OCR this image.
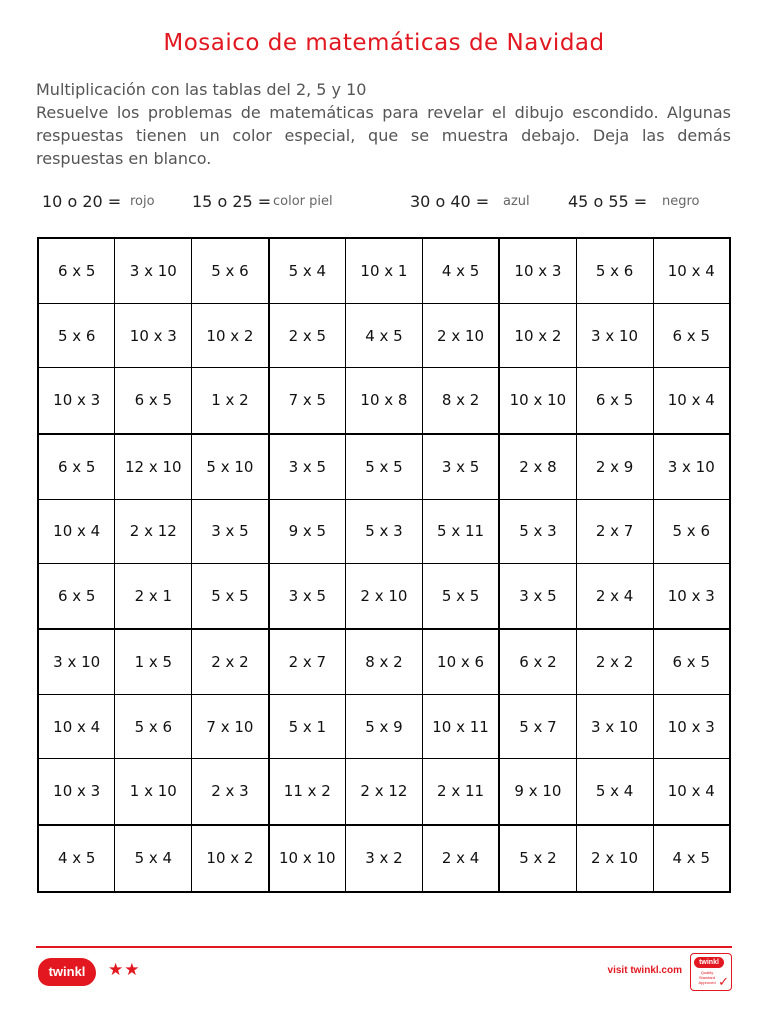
Mosaico de matemáticas de Navidad
Multiplicación con las tablas del 2, 5 y 10
Resuelve los problemas de matemáticas para revelar el dibujo escondido. Algunas respuestas tienen un color especial, que se muestra debajo. Deja las demás respuestas en blanco.
10 o 20 = rojo 15 o 25 = color piel	30 o 40 = azul 45 o 55 = negro
6 x 5	3 x 10	5 x 6	5 x 4	10 x 1	4 x 5	10 x 3	5 x 6	10 x 4
5 x 6	10 x 3	10 x 2	2 x 5	4 x 5	2 x 10	10 x 2	3 x 10	6 x 5
10 x 3	6 x 5	1 x 2	7 x 5	10 x 8	8 x 2	10 x 10	6 x 5	10 x 4
6 x 5	12 x 10	5 x 10	3 x 5	5 x 5	3 x 5	2 x 8	2 x 9	3 x 10
10 x 4	2 x 12	3 x 5	9 x 5	5 x 3	5 x 11	5 x 3	2 x 7	5 x 6
6 x 5	2 x 1	5 x 5	3 x 5	2 x 10	5 x 5	3 x 5	2 x 4	10 x 3
3 x 10	1 x 5	2 x 2	2 x 7	8 x 2	10 x 6	6 x 2	2 x 2	6 x 5
10 x 4	5 x 6	7 x 10	5 x 1	5 x 9	10 x 11	5 x 7	3 x 10	10 x 3
10 x 3	1 x 10	2 x 3	11 x 2	2 x 12	2 x 11	9 x 10	5 x 4	10 x 4
4 x 5	5 x 4	10 x 2	10 x 10	3 x 2	2 x 4	5 x 2	2 x 10	4 x 5
twinkl	★★	visit twinkl.com
twinkl
Quality Standard Approved ✓
